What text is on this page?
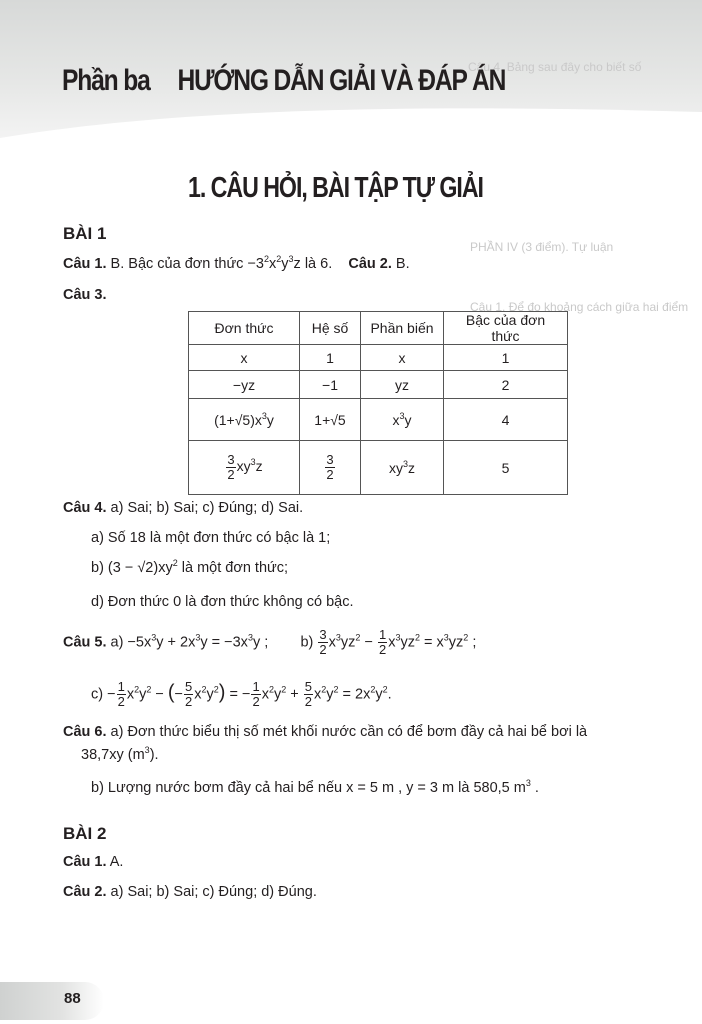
Câu 4. Bảng sau đây cho biết số
PHẦN IV (3 điểm). Tự luận
Câu 1. Để đo khoảng cách giữa hai điểm
Phần ba HƯỚNG DẪN GIẢI VÀ ĐÁP ÁN
1. CÂU HỎI, BÀI TẬP TỰ GIẢI
BÀI 1
Câu 1. B. Bậc của đơn thức $-3^2x^2y^3z$ là 6. Câu 2. B.
Câu 3.
Đơn thức	Hệ số	Phần biến	Bậc của đơn thức
x	1	x	1
−yz	−1	yz	2
$(1+√5)x^3y$	1+√5	$x^3y$	4

$\frac{3}{2} xy^3z$	$\frac{3}{2}$	$xy^3z$	5
Câu 4. a) Sai; b) Sai; c) Đúng; d) Sai.
a) Số 18 là một đơn thức có bậc là 1;
b) $(3 - √2)xy^2$ là một đơn thức;
d) Đơn thức 0 là đơn thức không có bậc.
Câu 5. $a) -5x^3y + 2x^3y = -3x^3y$ ;        $b) \frac{3}{2} x^3yz^2 - \frac{1}{2} x^3yz^2 = x^3yz^2$ ;
$c) - \frac{1}{2} x^2y^2$ − (− $\frac{5}{2} x^2y^2$) = − $\frac{1}{2} x^2y^2 + \frac{5}{2} x^2y^2 = 2x^2y^2$.
Câu 6. a) Đơn thức biểu thị số mét khối nước cần có để bơm đầy cả hai bể bơi là
38,7xy $(m^3)$.
b) Lượng nước bơm đầy cả hai bể nếu x = 5 m , y = 3 m là 580,5 $m^3$ .
BÀI 2
Câu 1. A.
Câu 2. a) Sai; b) Sai; c) Đúng; d) Đúng.
88
